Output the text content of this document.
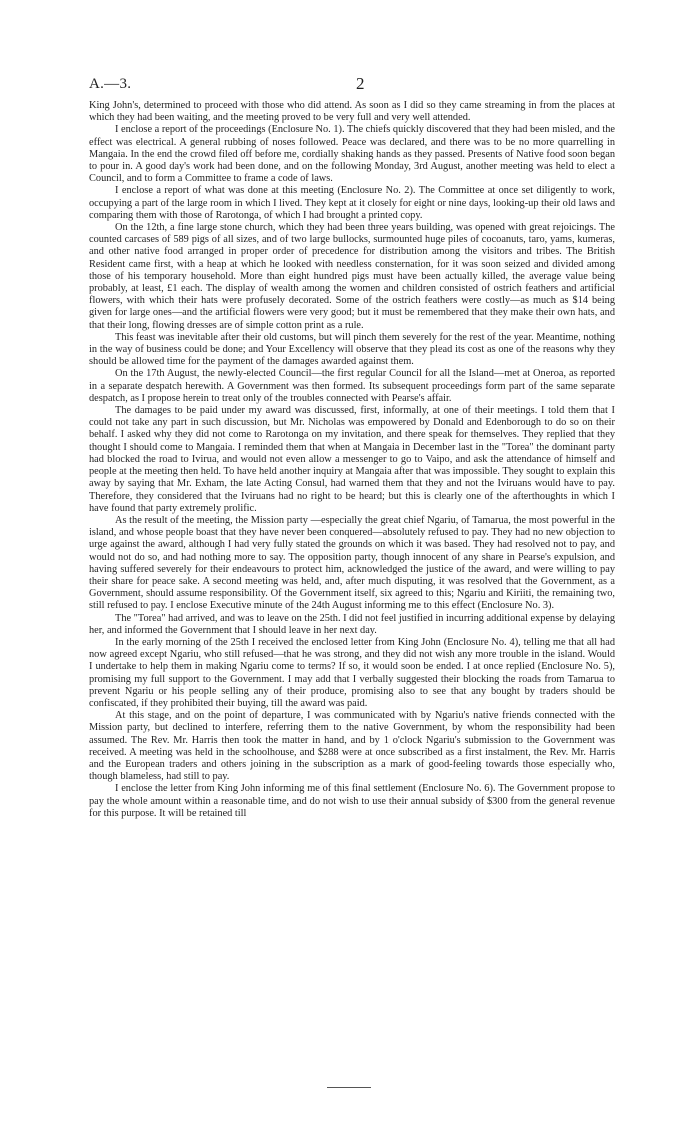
A.—3.	2

King John's, determined to proceed with those who did attend. As soon as I did so they came streaming in from the places at which they had been waiting, and the meeting proved to be very full and very well attended.

I enclose a report of the proceedings (Enclosure No. 1). The chiefs quickly discovered that they had been misled, and the effect was electrical. A general rubbing of noses followed. Peace was declared, and there was to be no more quarrelling in Mangaia. In the end the crowd filed off before me, cordially shaking hands as they passed. Presents of Native food soon began to pour in. A good day's work had been done, and on the following Monday, 3rd August, another meeting was held to elect a Council, and to form a Committee to frame a code of laws.

I enclose a report of what was done at this meeting (Enclosure No. 2). The Committee at once set diligently to work, occupying a part of the large room in which I lived. They kept at it closely for eight or nine days, looking-up their old laws and comparing them with those of Rarotonga, of which I had brought a printed copy.

On the 12th, a fine large stone church, which they had been three years building, was opened with great rejoicings. The counted carcases of 589 pigs of all sizes, and of two large bullocks, surmounted huge piles of cocoanuts, taro, yams, kumeras, and other native food arranged in proper order of precedence for distribution among the visitors and tribes. The British Resident came first, with a heap at which he looked with needless consternation, for it was soon seized and divided among those of his temporary household. More than eight hundred pigs must have been actually killed, the average value being probably, at least, £1 each. The display of wealth among the women and children consisted of ostrich feathers and artificial flowers, with which their hats were profusely decorated. Some of the ostrich feathers were costly—as much as $14 being given for large ones—and the artificial flowers were very good; but it must be remembered that they make their own hats, and that their long, flowing dresses are of simple cotton print as a rule.

This feast was inevitable after their old customs, but will pinch them severely for the rest of the year. Meantime, nothing in the way of business could be done; and Your Excellency will observe that they plead its cost as one of the reasons why they should be allowed time for the payment of the damages awarded against them.

On the 17th August, the newly-elected Council—the first regular Council for all the Island—met at Oneroa, as reported in a separate despatch herewith. A Government was then formed. Its subsequent proceedings form part of the same separate despatch, as I propose herein to treat only of the troubles connected with Pearse's affair.

The damages to be paid under my award was discussed, first, informally, at one of their meetings. I told them that I could not take any part in such discussion, but Mr. Nicholas was empowered by Donald and Edenborough to do so on their behalf. I asked why they did not come to Rarotonga on my invitation, and there speak for themselves. They replied that they thought I should come to Mangaia. I reminded them that when at Mangaia in December last in the "Torea" the dominant party had blocked the road to Ivirua, and would not even allow a messenger to go to Vaipo, and ask the attendance of himself and people at the meeting then held. To have held another inquiry at Mangaia after that was impossible. They sought to explain this away by saying that Mr. Exham, the late Acting Consul, had warned them that they and not the Iviruans would have to pay. Therefore, they considered that the Iviruans had no right to be heard; but this is clearly one of the afterthoughts in which I have found that party extremely prolific.

As the result of the meeting, the Mission party —especially the great chief Ngariu, of Tamarua, the most powerful in the island, and whose people boast that they have never been conquered—absolutely refused to pay. They had no new objection to urge against the award, although I had very fully stated the grounds on which it was based. They had resolved not to pay, and would not do so, and had nothing more to say. The opposition party, though innocent of any share in Pearse's expulsion, and having suffered severely for their endeavours to protect him, acknowledged the justice of the award, and were willing to pay their share for peace sake. A second meeting was held, and, after much disputing, it was resolved that the Government, as a Government, should assume responsibility. Of the Government itself, six agreed to this; Ngariu and Kiriiti, the remaining two, still refused to pay. I enclose Executive minute of the 24th August informing me to this effect (Enclosure No. 3).

The "Torea" had arrived, and was to leave on the 25th. I did not feel justified in incurring additional expense by delaying her, and informed the Government that I should leave in her next day.

In the early morning of the 25th I received the enclosed letter from King John (Enclosure No. 4), telling me that all had now agreed except Ngariu, who still refused—that he was strong, and they did not wish any more trouble in the island. Would I undertake to help them in making Ngariu come to terms? If so, it would soon be ended. I at once replied (Enclosure No. 5), promising my full support to the Government. I may add that I verbally suggested their blocking the roads from Tamarua to prevent Ngariu or his people selling any of their produce, promising also to see that any bought by traders should be confiscated, if they prohibited their buying, till the award was paid.

At this stage, and on the point of departure, I was communicated with by Ngariu's native friends connected with the Mission party, but declined to interfere, referring them to the native Government, by whom the responsibility had been assumed. The Rev. Mr. Harris then took the matter in hand, and by 1 o'clock Ngariu's submission to the Government was received. A meeting was held in the schoolhouse, and $288 were at once subscribed as a first instalment, the Rev. Mr. Harris and the European traders and others joining in the subscription as a mark of good-feeling towards those especially who, though blameless, had still to pay.

I enclose the letter from King John informing me of this final settlement (Enclosure No. 6). The Government propose to pay the whole amount within a reasonable time, and do not wish to use their annual subsidy of $300 from the general revenue for this purpose. It will be retained till
